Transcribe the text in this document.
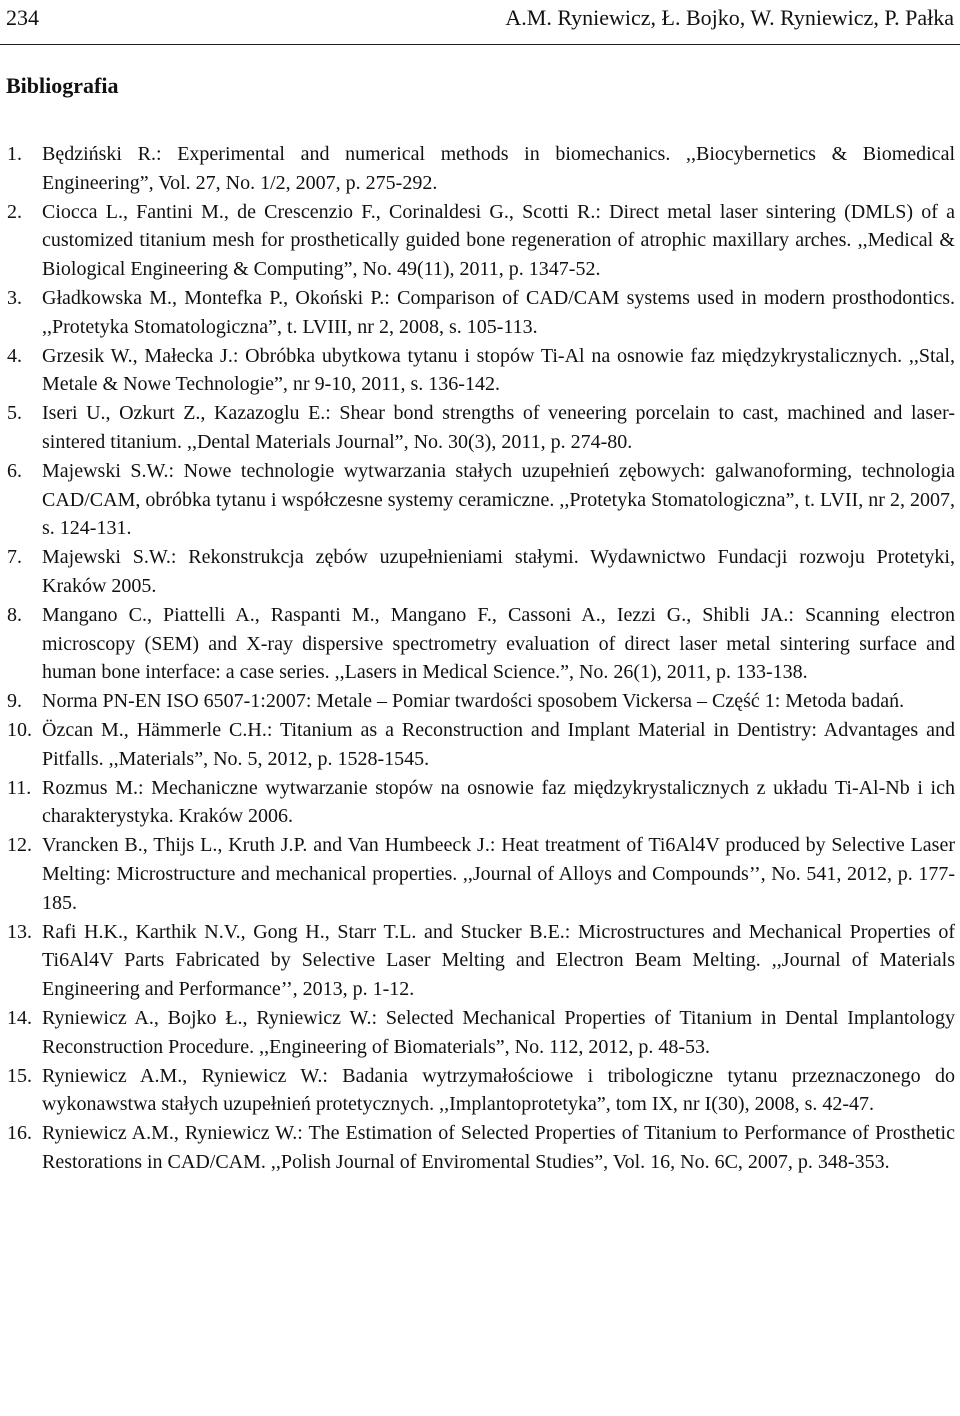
234	A.M. Ryniewicz, Ł. Bojko, W. Ryniewicz, P. Pałka
Bibliografia
1. Będziński R.: Experimental and numerical methods in biomechanics. ,,Biocybernetics & Biomedical Engineering”, Vol. 27, No. 1/2, 2007, p. 275-292.
2. Ciocca L., Fantini M., de Crescenzio F., Corinaldesi G., Scotti R.: Direct metal laser sintering (DMLS) of a customized titanium mesh for prosthetically guided bone regeneration of atrophic maxillary arches. ,,Medical & Biological Engineering & Computing”, No. 49(11), 2011, p. 1347-52.
3. Gładkowska M., Montefka P., Okoński P.: Comparison of CAD/CAM systems used in modern prosthodontics. ,,Protetyka Stomatologiczna”, t. LVIII, nr 2, 2008, s. 105-113.
4. Grzesik W., Małecka J.: Obróbka ubytkowa tytanu i stopów Ti-Al na osnowie faz międzykrystalicznych. ,,Stal, Metale & Nowe Technologie”, nr 9-10, 2011, s. 136-142.
5. Iseri U., Ozkurt Z., Kazazoglu E.: Shear bond strengths of veneering porcelain to cast, machined and laser-sintered titanium. ,,Dental Materials Journal”, No. 30(3), 2011, p. 274-80.
6. Majewski S.W.: Nowe technologie wytwarzania stałych uzupełnień zębowych: galwanoforming, technologia CAD/CAM, obróbka tytanu i współczesne systemy ceramiczne. ,,Protetyka Stomatologiczna”, t. LVII, nr 2, 2007, s. 124-131.
7. Majewski S.W.: Rekonstrukcja zębów uzupełnieniami stałymi. Wydawnictwo Fundacji rozwoju Protetyki, Kraków 2005.
8. Mangano C., Piattelli A., Raspanti M., Mangano F., Cassoni A., Iezzi G., Shibli JA.: Scanning electron microscopy (SEM) and X-ray dispersive spectrometry evaluation of direct laser metal sintering surface and human bone interface: a case series. ,,Lasers in Medical Science.”, No. 26(1), 2011, p. 133-138.
9. Norma PN-EN ISO 6507-1:2007: Metale – Pomiar twardości sposobem Vickersa – Część 1: Metoda badań.
10. Özcan M., Hämmerle C.H.: Titanium as a Reconstruction and Implant Material in Dentistry: Advantages and Pitfalls. ,,Materials”, No. 5, 2012, p. 1528-1545.
11. Rozmus M.: Mechaniczne wytwarzanie stopów na osnowie faz międzykrystalicznych z układu Ti-Al-Nb i ich charakterystyka. Kraków 2006.
12. Vrancken B., Thijs L., Kruth J.P. and Van Humbeeck J.: Heat treatment of Ti6Al4V produced by Selective Laser Melting: Microstructure and mechanical properties. ,,Journal of Alloys and Compounds’’, No. 541, 2012, p. 177-185.
13. Rafi H.K., Karthik N.V., Gong H., Starr T.L. and Stucker B.E.: Microstructures and Mechanical Properties of Ti6Al4V Parts Fabricated by Selective Laser Melting and Electron Beam Melting. ,,Journal of Materials Engineering and Performance’’, 2013, p. 1-12.
14. Ryniewicz A., Bojko Ł., Ryniewicz W.: Selected Mechanical Properties of Titanium in Dental Implantology Reconstruction Procedure. ,,Engineering of Biomaterials”, No. 112, 2012, p. 48-53.
15. Ryniewicz A.M., Ryniewicz W.: Badania wytrzymałościowe i tribologiczne tytanu przeznaczonego do wykonawstwa stałych uzupełnień protetycznych. ,,Implantoprotetyka”, tom IX, nr I(30), 2008, s. 42-47.
16. Ryniewicz A.M., Ryniewicz W.: The Estimation of Selected Properties of Titanium to Performance of Prosthetic Restorations in CAD/CAM. ,,Polish Journal of Enviromental Studies”, Vol. 16, No. 6C, 2007, p. 348-353.
